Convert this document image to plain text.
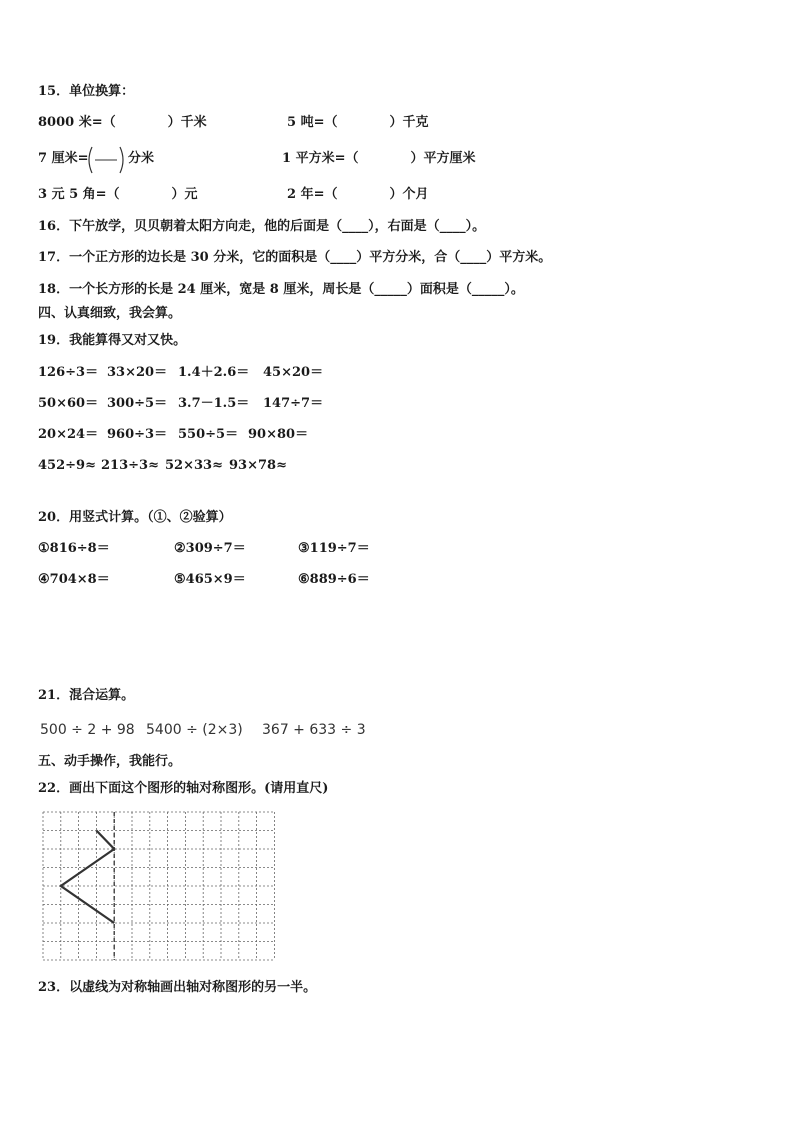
15．单位换算：
8000 米=（　　　　）千米	5 吨=（　　　　）千克
7 厘米=	分米	1 平方米=（　　　　）平方厘米
3 元 5 角=（　　　　）元	2 年=（　　　　）个月
16．下午放学，贝贝朝着太阳方向走，他的后面是（____），右面是（____）。
17．一个正方形的边长是 30 分米，它的面积是（____）平方分米，合（____）平方米。
18．一个长方形的长是 24 厘米，宽是 8 厘米，周长是（_____）面积是（_____）。
四、认真细致，我会算。
19．我能算得又对又快。
126÷3＝ 33×20＝ 1.4＋2.6＝ 45×20＝
50×60＝ 300÷5＝ 3.7－1.5＝ 147÷7＝
20×24＝ 960÷3＝ 550÷5＝ 90×80＝
452÷9≈ 213÷3≈ 52×33≈ 93×78≈
20．用竖式计算。（①、②验算）
①816÷8＝	②309÷7＝	③119÷7＝
④704×8＝	⑤465×9＝	⑥889÷6＝
21．混合运算。
500 ÷ 2 + 98 5400 ÷ (2×3) 367 + 633 ÷ 3
五、动手操作，我能行。
22．画出下面这个图形的轴对称图形。(请用直尺)
23．以虚线为对称轴画出轴对称图形的另一半。
